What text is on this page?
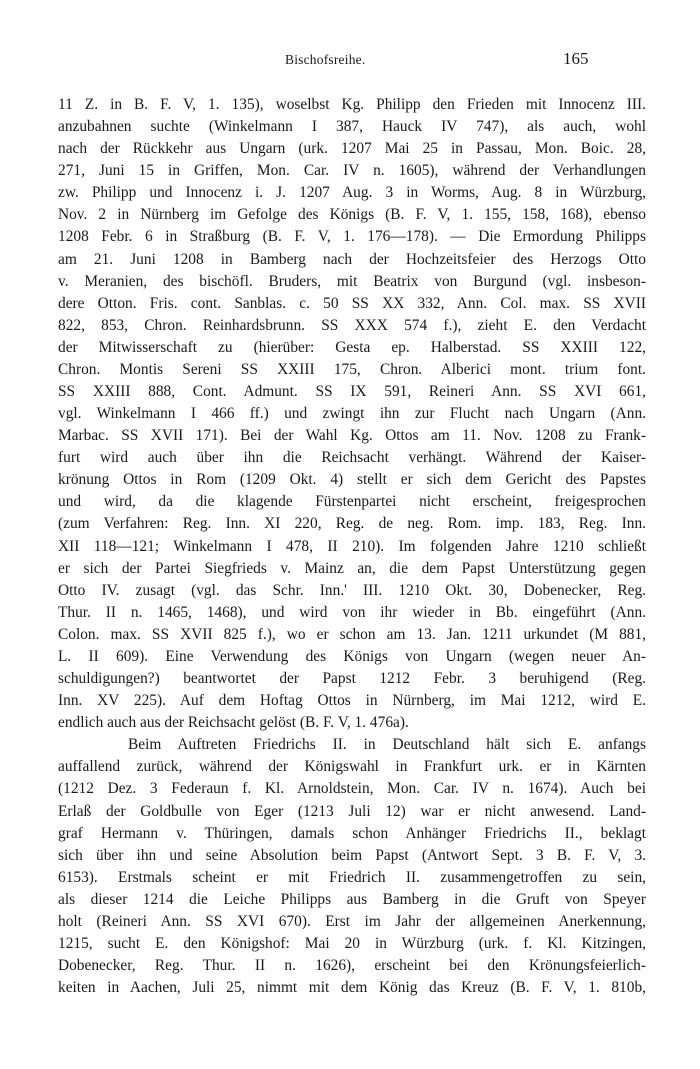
Bischofsreihe.	165
11 Z. in B. F. V, 1. 135), woselbst Kg. Philipp den Frieden mit Innocenz III.
anzubahnen suchte (Winkelmann I 387, Hauck IV 747), als auch, wohl
nach der Rückkehr aus Ungarn (urk. 1207 Mai 25 in Passau, Mon. Boic. 28,
271, Juni 15 in Griffen, Mon. Car. IV n. 1605), während der Verhandlungen
zw. Philipp und Innocenz i. J. 1207 Aug. 3 in Worms, Aug. 8 in Würzburg,
Nov. 2 in Nürnberg im Gefolge des Königs (B. F. V, 1. 155, 158, 168), ebenso
1208 Febr. 6 in Straßburg (B. F. V, 1. 176—178). — Die Ermordung Philipps
am 21. Juni 1208 in Bamberg nach der Hochzeitsfeier des Herzogs Otto
v. Meranien, des bischöfl. Bruders, mit Beatrix von Burgund (vgl. insbeson-
dere Otton. Fris. cont. Sanblas. c. 50 SS XX 332, Ann. Col. max. SS XVII
822, 853, Chron. Reinhardsbrunn. SS XXX 574 f.), zieht E. den Verdacht
der Mitwisserschaft zu (hierüber: Gesta ep. Halberstad. SS XXIII 122,
Chron. Montis Sereni SS XXIII 175, Chron. Alberici mont. trium font.
SS XXIII 888, Cont. Admunt. SS IX 591, Reineri Ann. SS XVI 661,
vgl. Winkelmann I 466 ff.) und zwingt ihn zur Flucht nach Ungarn (Ann.
Marbac. SS XVII 171). Bei der Wahl Kg. Ottos am 11. Nov. 1208 zu Frank-
furt wird auch über ihn die Reichsacht verhängt. Während der Kaiser-
krönung Ottos in Rom (1209 Okt. 4) stellt er sich dem Gericht des Papstes
und wird, da die klagende Fürstenpartei nicht erscheint, freigesprochen
(zum Verfahren: Reg. Inn. XI 220, Reg. de neg. Rom. imp. 183, Reg. Inn.
XII 118—121; Winkelmann I 478, II 210). Im folgenden Jahre 1210 schließt
er sich der Partei Siegfrieds v. Mainz an, die dem Papst Unterstützung gegen
Otto IV. zusagt (vgl. das Schr. Inn.' III. 1210 Okt. 30, Dobenecker, Reg.
Thur. II n. 1465, 1468), und wird von ihr wieder in Bb. eingeführt (Ann.
Colon. max. SS XVII 825 f.), wo er schon am 13. Jan. 1211 urkundet (M 881,
L. II 609). Eine Verwendung des Königs von Ungarn (wegen neuer An-
schuldigungen?) beantwortet der Papst 1212 Febr. 3 beruhigend (Reg.
Inn. XV 225). Auf dem Hoftag Ottos in Nürnberg, im Mai 1212, wird E.
endlich auch aus der Reichsacht gelöst (B. F. V, 1. 476a).
Beim Auftreten Friedrichs II. in Deutschland hält sich E. anfangs
auffallend zurück, während der Königswahl in Frankfurt urk. er in Kärnten
(1212 Dez. 3 Federaun f. Kl. Arnoldstein, Mon. Car. IV n. 1674). Auch bei
Erlaß der Goldbulle von Eger (1213 Juli 12) war er nicht anwesend. Land-
graf Hermann v. Thüringen, damals schon Anhänger Friedrichs II., beklagt
sich über ihn und seine Absolution beim Papst (Antwort Sept. 3 B. F. V, 3.
6153). Erstmals scheint er mit Friedrich II. zusammengetroffen zu sein,
als dieser 1214 die Leiche Philipps aus Bamberg in die Gruft von Speyer
holt (Reineri Ann. SS XVI 670). Erst im Jahr der allgemeinen Anerkennung,
1215, sucht E. den Königshof: Mai 20 in Würzburg (urk. f. Kl. Kitzingen,
Dobenecker, Reg. Thur. II n. 1626), erscheint bei den Krönungsfeierlich-
keiten in Aachen, Juli 25, nimmt mit dem König das Kreuz (B. F. V, 1. 810b,
